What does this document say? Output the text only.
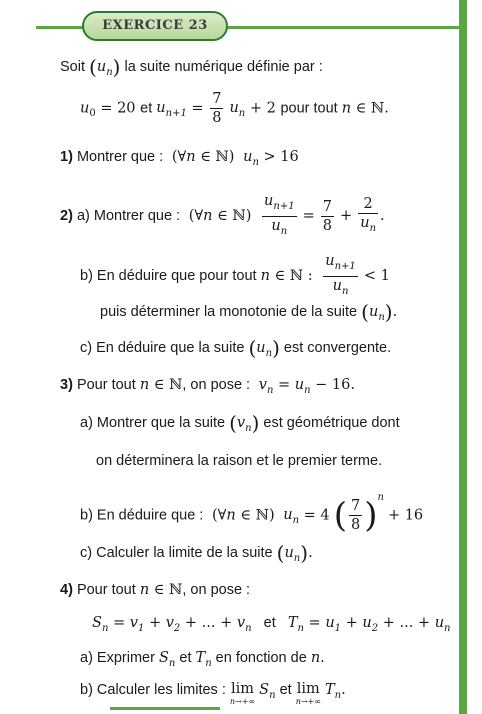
EXERCICE 23
Soit $(u_n)$ la suite numérique définie par :
$u_0 = 20$ et $u_{n+1} = \frac{7}{8} u_n + 2$ pour tout n ∈ ℕ.
1) Montrer que :  (∀n ∈ ℕ)  $u_n > 16$
2) a) Montrer que :  (∀n ∈ ℕ) $\frac{u_{n+1}}{u_n} = \frac{7}{8} + \frac{2}{u_n}$ .
b) En déduire que pour tout n ∈ ℕ : $\frac{u_{n+1}}{u_n} < 1$
puis déterminer la monotonie de la suite $(u_n)$.
c) En déduire que la suite $(u_n)$ est convergente.
3) Pour tout n ∈ ℕ, on pose :  $v_n = u_n - 16$.
a) Montrer que la suite $(v_n)$ est géométrique dont
on déterminera la raison et le premier terme.
b) En déduire que :  (∀n ∈ ℕ)  $u_n = 4$ ( $\frac{7}{8} )^n + 16$
c) Calculer la limite de la suite $(u_n)$.
4) Pour tout n ∈ ℕ, on pose :
$S_n = v_1 + v_2$ + ... + $v_n$ et $T_n = u_1 + u_2$ + ... + $u_n$
a) Exprimer $S_n$ et $T_n$ en fonction de n.
b) Calculer les limites : lim
n→+∞
$S_n$ et lim
n→+∞
$T_n$.
